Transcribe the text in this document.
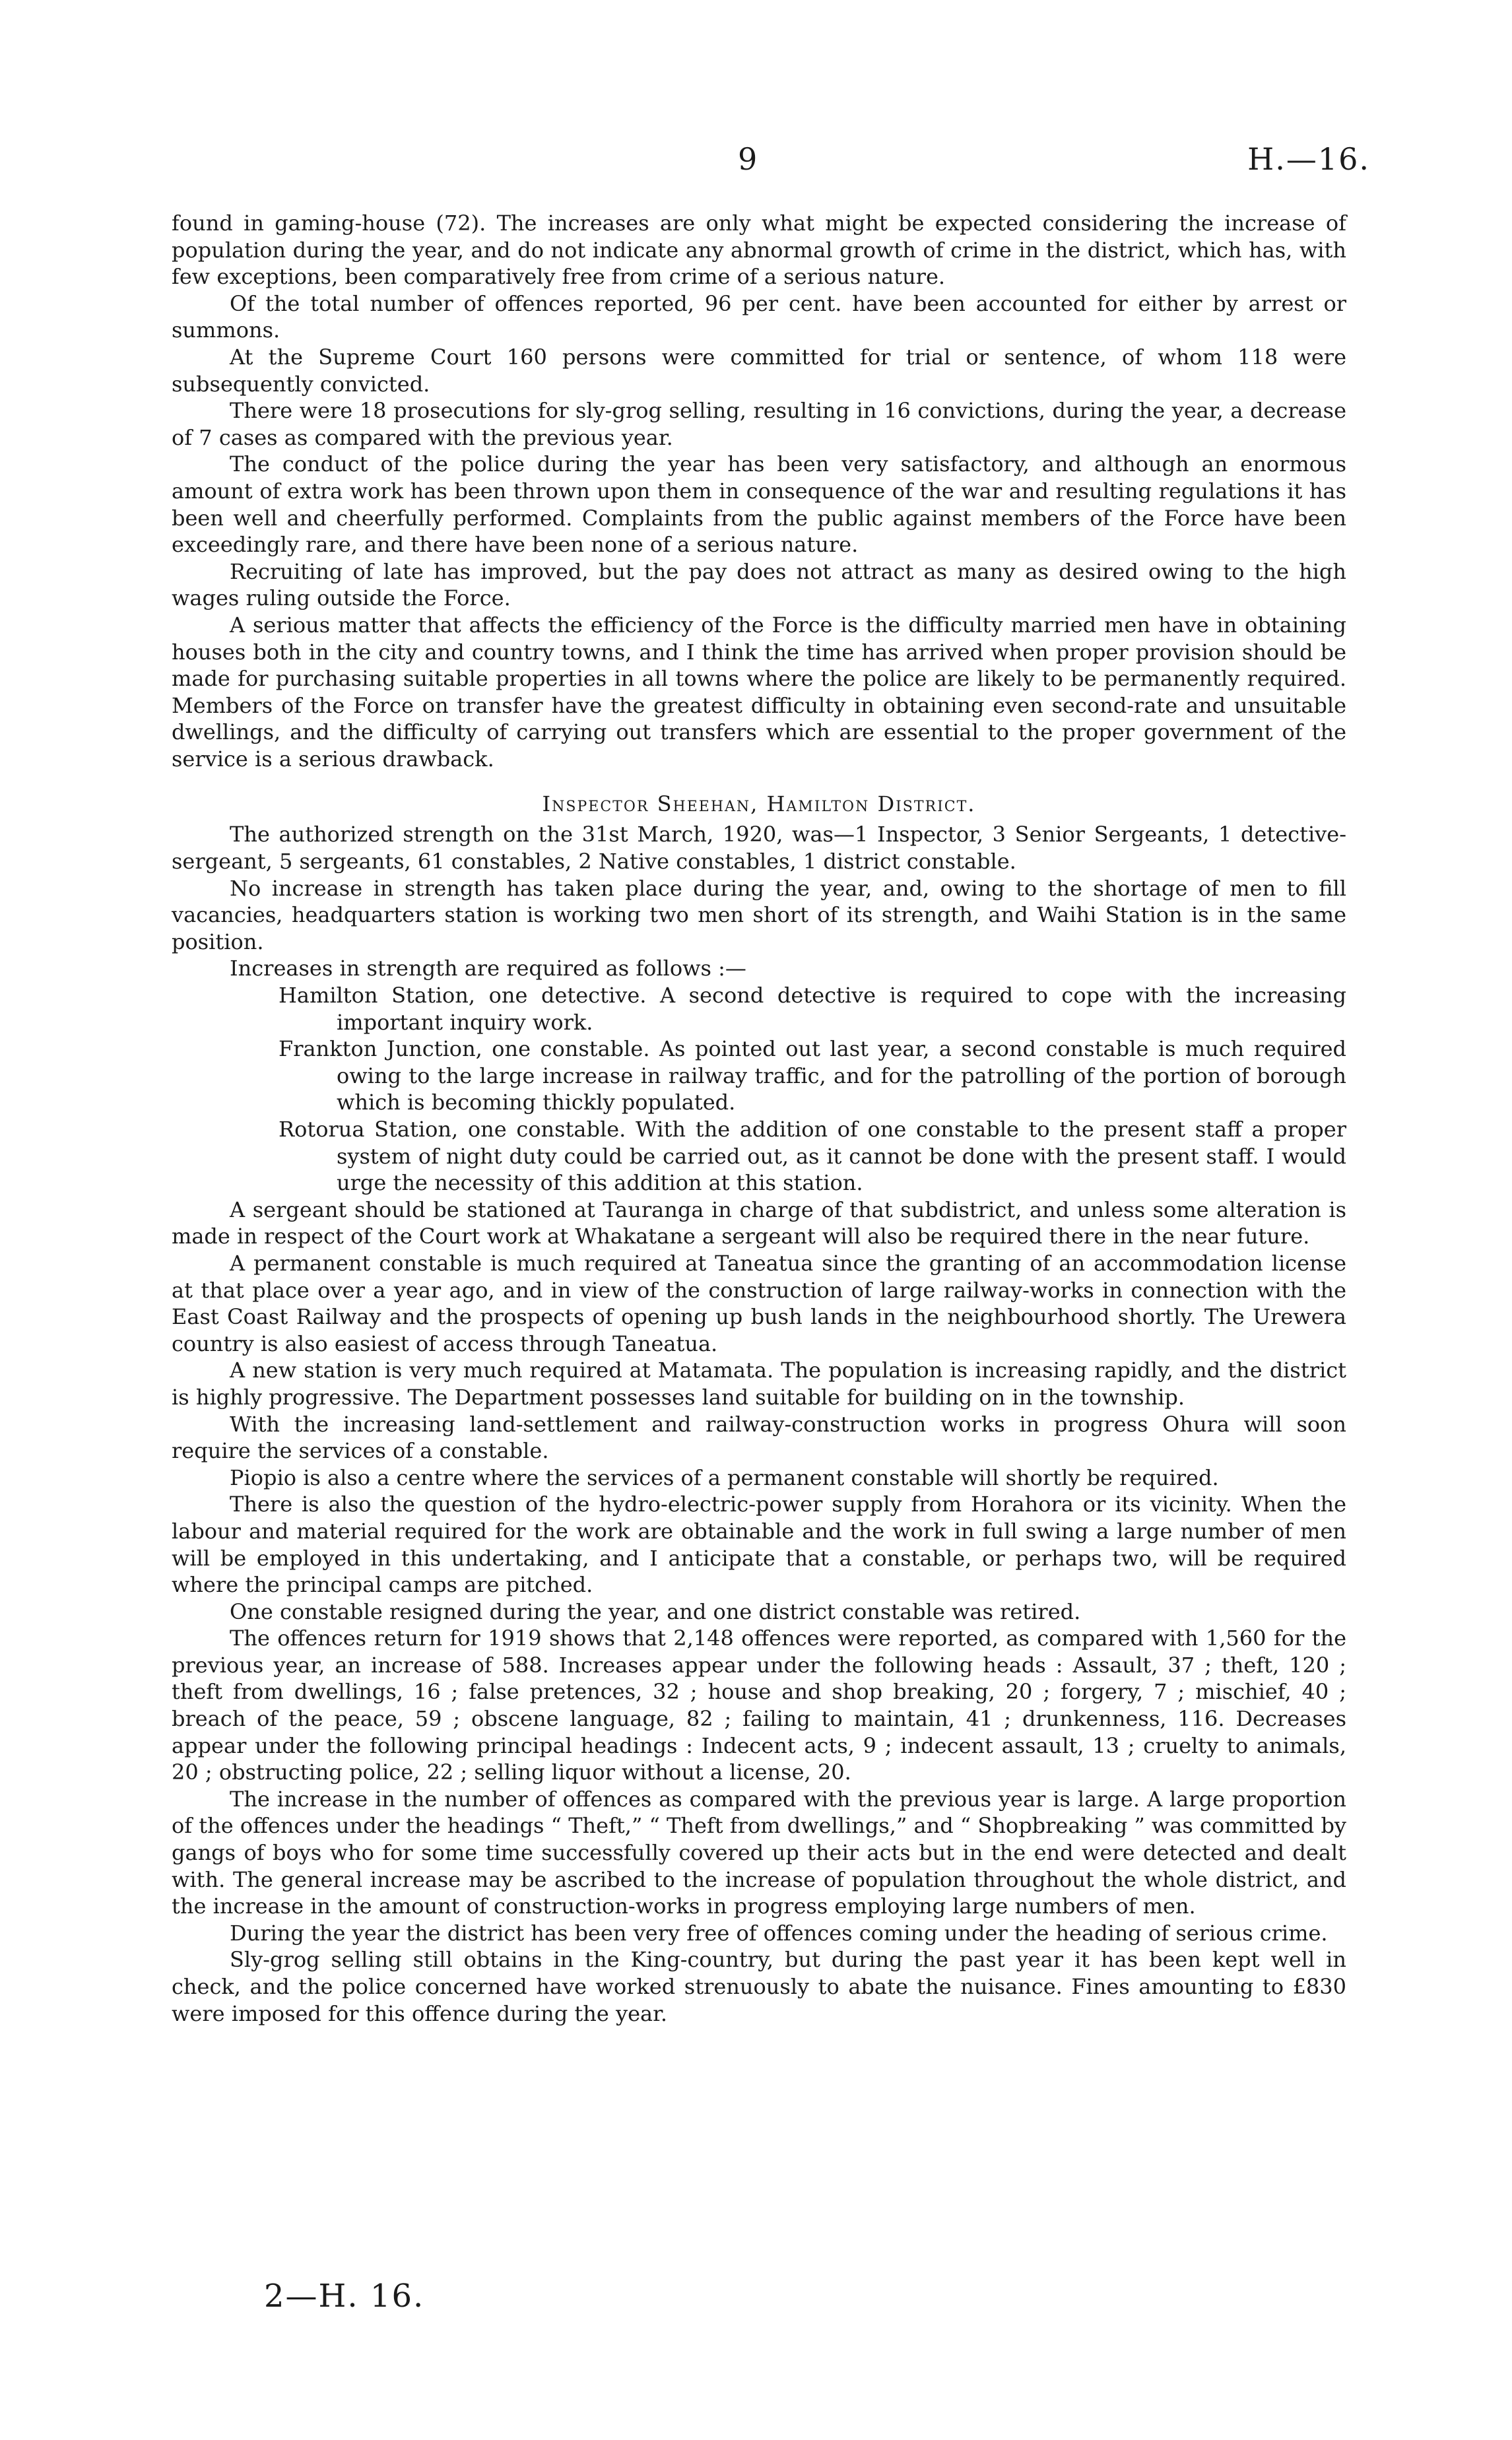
9	H.—16.

found in gaming-house (72). The increases are only what might be expected considering the increase of population during the year, and do not indicate any abnormal growth of crime in the district, which has, with few exceptions, been comparatively free from crime of a serious nature.

Of the total number of offences reported, 96 per cent. have been accounted for either by arrest or summons.

At the Supreme Court 160 persons were committed for trial or sentence, of whom 118 were subsequently convicted.

There were 18 prosecutions for sly-grog selling, resulting in 16 convictions, during the year, a decrease of 7 cases as compared with the previous year.

The conduct of the police during the year has been very satisfactory, and although an enormous amount of extra work has been thrown upon them in consequence of the war and resulting regulations it has been well and cheerfully performed. Complaints from the public against members of the Force have been exceedingly rare, and there have been none of a serious nature.

Recruiting of late has improved, but the pay does not attract as many as desired owing to the high wages ruling outside the Force.

A serious matter that affects the efficiency of the Force is the difficulty married men have in obtaining houses both in the city and country towns, and I think the time has arrived when proper provision should be made for purchasing suitable properties in all towns where the police are likely to be permanently required. Members of the Force on transfer have the greatest difficulty in obtaining even second-rate and unsuitable dwellings, and the difficulty of carrying out transfers which are essential to the proper government of the service is a serious drawback.

Inspector Sheehan, Hamilton District.

The authorized strength on the 31st March, 1920, was—1 Inspector, 3 Senior Sergeants, 1 detective-sergeant, 5 sergeants, 61 constables, 2 Native constables, 1 district constable.

No increase in strength has taken place during the year, and, owing to the shortage of men to fill vacancies, headquarters station is working two men short of its strength, and Waihi Station is in the same position.

Increases in strength are required as follows :—

Hamilton Station, one detective. A second detective is required to cope with the increasing important inquiry work.

Frankton Junction, one constable. As pointed out last year, a second constable is much required owing to the large increase in railway traffic, and for the patrolling of the portion of borough which is becoming thickly populated.

Rotorua Station, one constable. With the addition of one constable to the present staff a proper system of night duty could be carried out, as it cannot be done with the present staff. I would urge the necessity of this addition at this station.

A sergeant should be stationed at Tauranga in charge of that subdistrict, and unless some alteration is made in respect of the Court work at Whakatane a sergeant will also be required there in the near future.

A permanent constable is much required at Taneatua since the granting of an accommodation license at that place over a year ago, and in view of the construction of large railway-works in connection with the East Coast Railway and the prospects of opening up bush lands in the neighbourhood shortly. The Urewera country is also easiest of access through Taneatua.

A new station is very much required at Matamata. The population is increasing rapidly, and the district is highly progressive. The Department possesses land suitable for building on in the township.

With the increasing land-settlement and railway-construction works in progress Ohura will soon require the services of a constable.

Piopio is also a centre where the services of a permanent constable will shortly be required.

There is also the question of the hydro-electric-power supply from Horahora or its vicinity. When the labour and material required for the work are obtainable and the work in full swing a large number of men will be employed in this undertaking, and I anticipate that a constable, or perhaps two, will be required where the principal camps are pitched.

One constable resigned during the year, and one district constable was retired.

The offences return for 1919 shows that 2,148 offences were reported, as compared with 1,560 for the previous year, an increase of 588. Increases appear under the following heads : Assault, 37 ; theft, 120 ; theft from dwellings, 16 ; false pretences, 32 ; house and shop breaking, 20 ; forgery, 7 ; mischief, 40 ; breach of the peace, 59 ; obscene language, 82 ; failing to maintain, 41 ; drunkenness, 116. Decreases appear under the following principal headings : Indecent acts, 9 ; indecent assault, 13 ; cruelty to animals, 20 ; obstructing police, 22 ; selling liquor without a license, 20.

The increase in the number of offences as compared with the previous year is large. A large proportion of the offences under the headings “ Theft,” “ Theft from dwellings,” and “ Shopbreaking ” was committed by gangs of boys who for some time successfully covered up their acts but in the end were detected and dealt with. The general increase may be ascribed to the increase of population throughout the whole district, and the increase in the amount of construction-works in progress employing large numbers of men.

During the year the district has been very free of offences coming under the heading of serious crime.

Sly-grog selling still obtains in the King-country, but during the past year it has been kept well in check, and the police concerned have worked strenuously to abate the nuisance. Fines amounting to £830 were imposed for this offence during the year.

2—H. 16.
